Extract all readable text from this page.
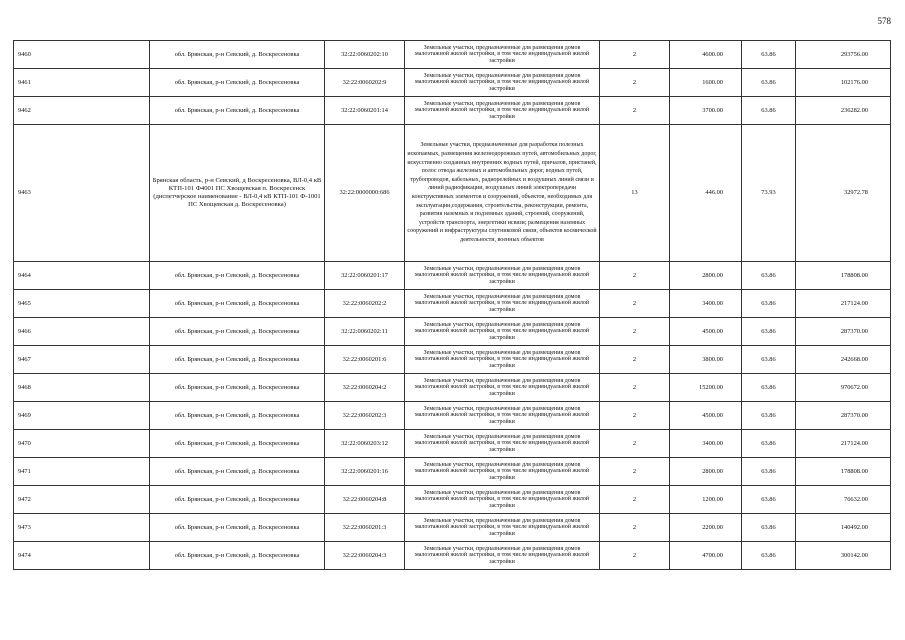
578
9460	обл. Брянская, р-н Севский, д. Воскресеновка	32:22:0060202:10	Земельные участки, предназначенные для размещения домов малоэтажной жилой застройки, в том числе индивидуальной жилой застройки	2	4600.00	63.86	293756.00
9461	обл. Брянская, р-н Севский, д. Воскресеновка	32:22:0060202:9	Земельные участки, предназначенные для размещения домов малоэтажной жилой застройки, в том числе индивидуальной жилой застройки	2	1600.00	63.86	102176.00
9462	обл. Брянская, р-н Севский, д. Воскресеновка	32:22:0060201:14	Земельные участки, предназначенные для размещения домов малоэтажной жилой застройки, в том числе индивидуальной жилой застройки	2	3700.00	63.86	236282.00
9463	Брянская область, р-н Севский, д Воскресеновка, ВЛ-0,4 кВ КТП-101 Ф4001 ПС Хвощевская п. Воскресенск (диспетчерское наименование - ВЛ-0,4 кВ КТП-101 Ф-1001 ПС Хвощевская д. Воскресеновка)	32:22:0000000:686	Земельные участки, предназначенные для разработки полезных ископаемых, размещения железнодорожных путей, автомобильных дорог, искусственно созданных внутренних водных путей, причалов, пристаней, полос отвода железных и автомобильных дорог, водных путей, трубопроводов, кабельных, радиорелейных и воздушных линий связи и линий радиофикации, воздушных линий электропередачи конструктивных элементов и сооружений, объектов, необходимых для эксплуатации,содержания, строительства, реконструкции, ремонта, развития наземных и подземных зданий, строений, сооружений, устройств транспорта, энергетики исвязи; размещения наземных сооружений и инфраструктуры спутниковой связи, объектов космической деятельности, военных объектов	13	446.00	73.93	32972.78
9464	обл. Брянская, р-н Севский, д. Воскресеновка	32:22:0060201:17	Земельные участки, предназначенные для размещения домов малоэтажной жилой застройки, в том числе индивидуальной жилой застройки	2	2800.00	63.86	178808.00
9465	обл. Брянская, р-н Севский, д. Воскресеновка	32:22:0060202:2	Земельные участки, предназначенные для размещения домов малоэтажной жилой застройки, в том числе индивидуальной жилой застройки	2	3400.00	63.86	217124.00
9466	обл. Брянская, р-н Севский, д. Воскресеновка	32:22:0060202:11	Земельные участки, предназначенные для размещения домов малоэтажной жилой застройки, в том числе индивидуальной жилой застройки	2	4500.00	63.86	287370.00
9467	обл. Брянская, р-н Севский, д. Воскресеновка	32:22:0060201:6	Земельные участки, предназначенные для размещения домов малоэтажной жилой застройки, в том числе индивидуальной жилой застройки	2	3800.00	63.86	242668.00
9468	обл. Брянская, р-н Севский, д. Воскресеновка	32:22:0060204:2	Земельные участки, предназначенные для размещения домов малоэтажной жилой застройки, в том числе индивидуальной жилой застройки	2	15200.00	63.86	970672.00
9469	обл. Брянская, р-н Севский, д. Воскресеновка	32:22:0060202:3	Земельные участки, предназначенные для размещения домов малоэтажной жилой застройки, в том числе индивидуальной жилой застройки	2	4500.00	63.86	287370.00
9470	обл. Брянская, р-н Севский, д. Воскресеновка	32:22:0060203:12	Земельные участки, предназначенные для размещения домов малоэтажной жилой застройки, в том числе индивидуальной жилой застройки	2	3400.00	63.86	217124.00
9471	обл. Брянская, р-н Севский, д. Воскресеновка	32:22:0060201:16	Земельные участки, предназначенные для размещения домов малоэтажной жилой застройки, в том числе индивидуальной жилой застройки	2	2800.00	63.86	178808.00
9472	обл. Брянская, р-н Севский, д. Воскресеновка	32:22:0060204:8	Земельные участки, предназначенные для размещения домов малоэтажной жилой застройки, в том числе индивидуальной жилой застройки	2	1200.00	63.86	76632.00
9473	обл. Брянская, р-н Севский, д. Воскресеновка	32:22:0060201:3	Земельные участки, предназначенные для размещения домов малоэтажной жилой застройки, в том числе индивидуальной жилой застройки	2	2200.00	63.86	140492.00
9474	обл. Брянская, р-н Севский, д. Воскресеновка	32:22:0060204:3	Земельные участки, предназначенные для размещения домов малоэтажной жилой застройки, в том числе индивидуальной жилой застройки	2	4700.00	63.86	300142.00
